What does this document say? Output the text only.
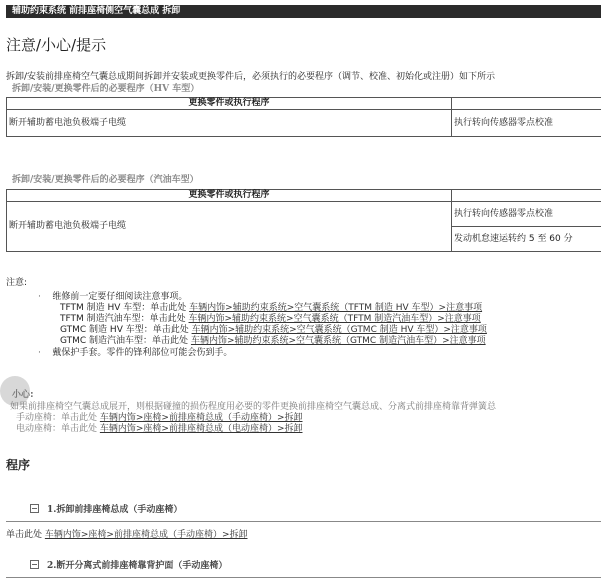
辅助约束系统 前排座椅侧空气囊总成 拆卸
注意/小心/提示
拆卸/安装前排座椅空气囊总成期间拆卸并安装或更换零件后，必须执行的必要程序（调节、校准、初始化或注册）如下所示
拆卸/安装/更换零件后的必要程序（HV 车型）
更换零件或执行程序	
断开辅助蓄电池负极端子电缆	执行转向传感器零点校准
拆卸/安装/更换零件后的必要程序（汽油车型）
更换零件或执行程序	
断开辅助蓄电池负极端子电缆	执行转向传感器零点校准
	发动机怠速运转约 5 至 60 分
注意:
·    维修前一定要仔细阅读注意事项。
TFTM 制造 HV 车型：单击此处 车辆内饰>辅助约束系统>空气囊系统（TFTM 制造 HV 车型）>注意事项
TFTM 制造汽油车型：单击此处 车辆内饰>辅助约束系统>空气囊系统（TFTM 制造汽油车型）>注意事项
GTMC 制造 HV 车型：单击此处 车辆内饰>辅助约束系统>空气囊系统（GTMC 制造 HV 车型）>注意事项
GTMC 制造汽油车型：单击此处 车辆内饰>辅助约束系统>空气囊系统（GTMC 制造汽油车型）>注意事项
·    戴保护手套。零件的锋利部位可能会伤到手。
小心:
如果前排座椅空气囊总成展开，则根据碰撞的损伤程度用必要的零件更换前排座椅空气囊总成、分离式前排座椅靠背弹簧总
手动座椅：单击此处 车辆内饰>座椅>前排座椅总成（手动座椅）>拆卸
电动座椅：单击此处 车辆内饰>座椅>前排座椅总成（电动座椅）>拆卸
程序
1.拆卸前排座椅总成（手动座椅）
单击此处 车辆内饰>座椅>前排座椅总成（手动座椅）>拆卸
2.断开分离式前排座椅靠背护面（手动座椅）
